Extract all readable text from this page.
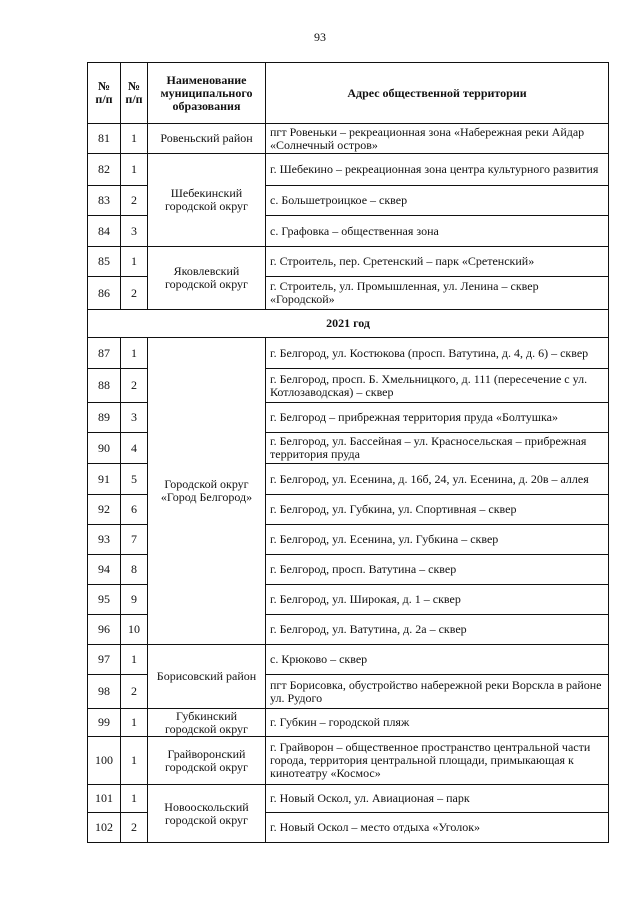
93
№ п/п	№ п/п	Наименование муниципального образования	Адрес общественной территории
81	1	Ровеньский район	пгт Ровеньки – рекреационная зона «Набережная реки Айдар «Солнечный остров»
82	1	Шебекинский городской округ	г. Шебекино – рекреационная зона центра культурного развития
83	2		с. Большетроицкое – сквер
84	3		с. Графовка – общественная зона
85	1	Яковлевский городской округ	г. Строитель, пер. Сретенский – парк «Сретенский»
86	2		г. Строитель, ул. Промышленная, ул. Ленина – сквер «Городской»
2021 год			
87	1	Городской округ «Город Белгород»	г. Белгород, ул. Костюкова (просп. Ватутина, д. 4, д. 6) – сквер
88	2		г. Белгород, просп. Б. Хмельницкого, д. 111 (пересечение с ул. Котлозаводская) – сквер
89	3		г. Белгород – прибрежная территория пруда «Болтушка»
90	4		г. Белгород, ул. Бассейная – ул. Красносельская – прибрежная территория пруда
91	5		г. Белгород, ул. Есенина, д. 16б, 24, ул. Есенина, д. 20в – аллея
92	6		г. Белгород, ул. Губкина, ул. Спортивная – сквер
93	7		г. Белгород, ул. Есенина, ул. Губкина – сквер
94	8		г. Белгород, просп. Ватутина – сквер
95	9		г. Белгород, ул. Широкая, д. 1 – сквер
96	10		г. Белгород, ул. Ватутина, д. 2а – сквер
97	1	Борисовский район	с. Крюково – сквер
98	2		пгт Борисовка, обустройство набережной реки Ворскла в районе ул. Рудого
99	1	Губкинский городской округ	г. Губкин – городской пляж
100	1	Грайворонский городской округ	г. Грайворон – общественное пространство центральной части города, территория центральной площади, примыкающая к кинотеатру «Космос»
101	1	Новооскольский городской округ	г. Новый Оскол, ул. Авиационая – парк
102	2		г. Новый Оскол – место отдыха «Уголок»
